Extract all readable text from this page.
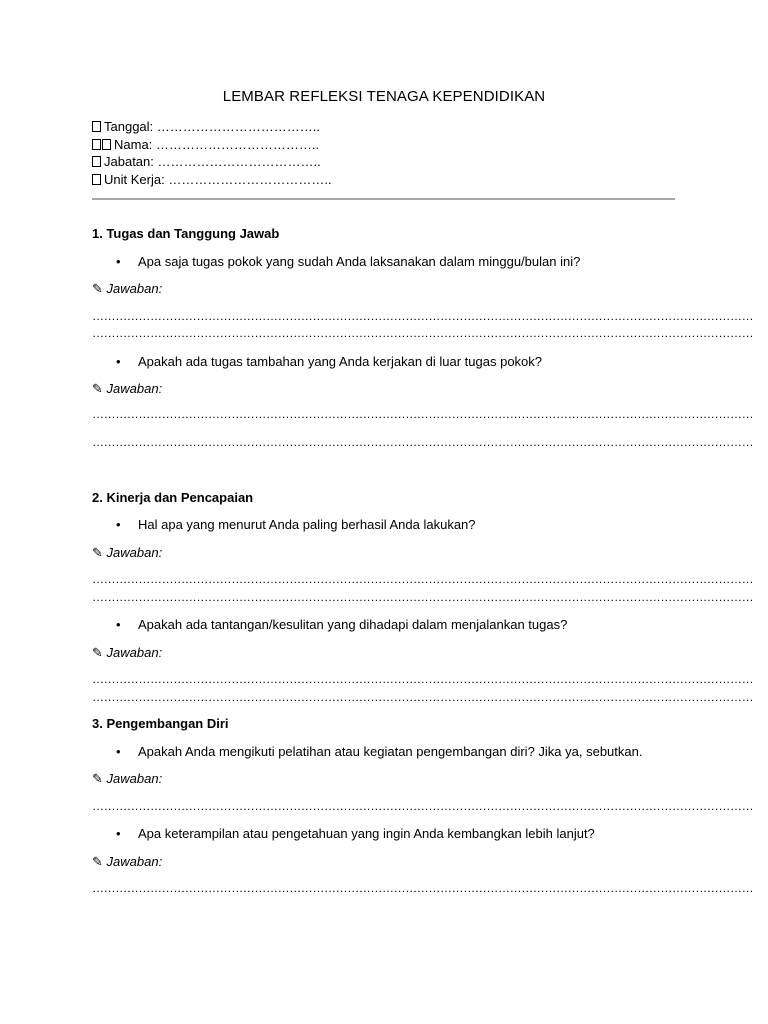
LEMBAR REFLEKSI TENAGA KEPENDIDIKAN
Tanggal: ………………………………..
Nama: ………………………………..
Jabatan: ………………………………..
Unit Kerja: ………………………………..
1. Tugas dan Tanggung Jawab
• Apa saja tugas pokok yang sudah Anda laksanakan dalam minggu/bulan ini?
✎ Jawaban:
………………………………………………………………………………………………………………………………………………………
………………………………………………………………………………………………………………………………………………………
• Apakah ada tugas tambahan yang Anda kerjakan di luar tugas pokok?
✎ Jawaban:
………………………………………………………………………………………………………………………………………………………
………………………………………………………………………………………………………………………………………………………
2. Kinerja dan Pencapaian
• Hal apa yang menurut Anda paling berhasil Anda lakukan?
✎ Jawaban:
………………………………………………………………………………………………………………………………………………………
………………………………………………………………………………………………………………………………………………………
• Apakah ada tantangan/kesulitan yang dihadapi dalam menjalankan tugas?
✎ Jawaban:
………………………………………………………………………………………………………………………………………………………
………………………………………………………………………………………………………………………………………………………
3. Pengembangan Diri
• Apakah Anda mengikuti pelatihan atau kegiatan pengembangan diri? Jika ya, sebutkan.
✎ Jawaban:
………………………………………………………………………………………………………………………………………………………
• Apa keterampilan atau pengetahuan yang ingin Anda kembangkan lebih lanjut?
✎ Jawaban:
………………………………………………………………………………………………………………………………………………………
